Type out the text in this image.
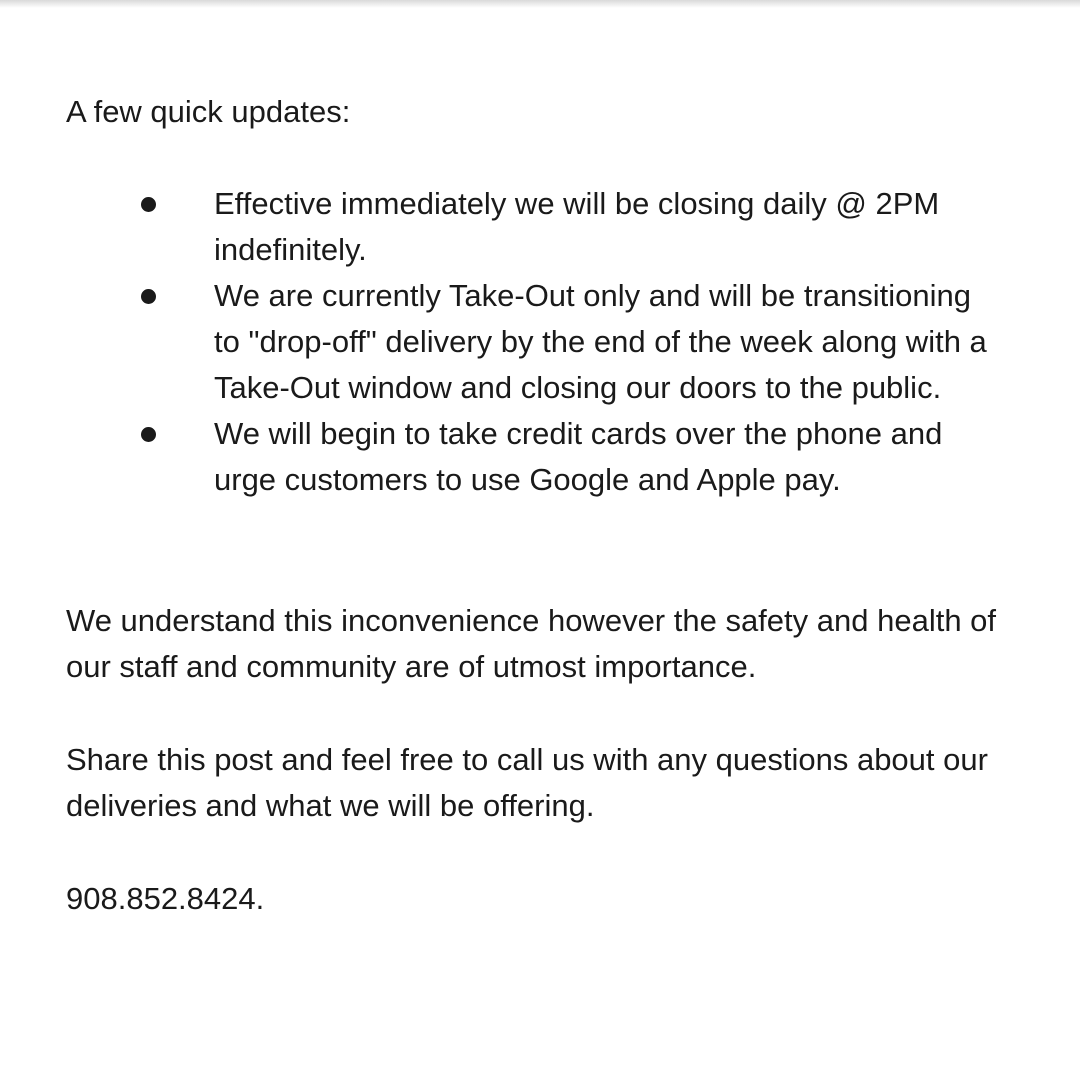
A few quick updates:

Effective immediately we will be closing daily @ 2PM indefinitely.
We are currently Take-Out only and will be transitioning to "drop-off" delivery by the end of the week along with a Take-Out window and closing our doors to the public.
We will begin to take credit cards over the phone and urge customers to use Google and Apple pay.

We understand this inconvenience however the safety and health of our staff and community are of utmost importance.

Share this post and feel free to call us with any questions about our deliveries and what we will be offering.

908.852.8424.
